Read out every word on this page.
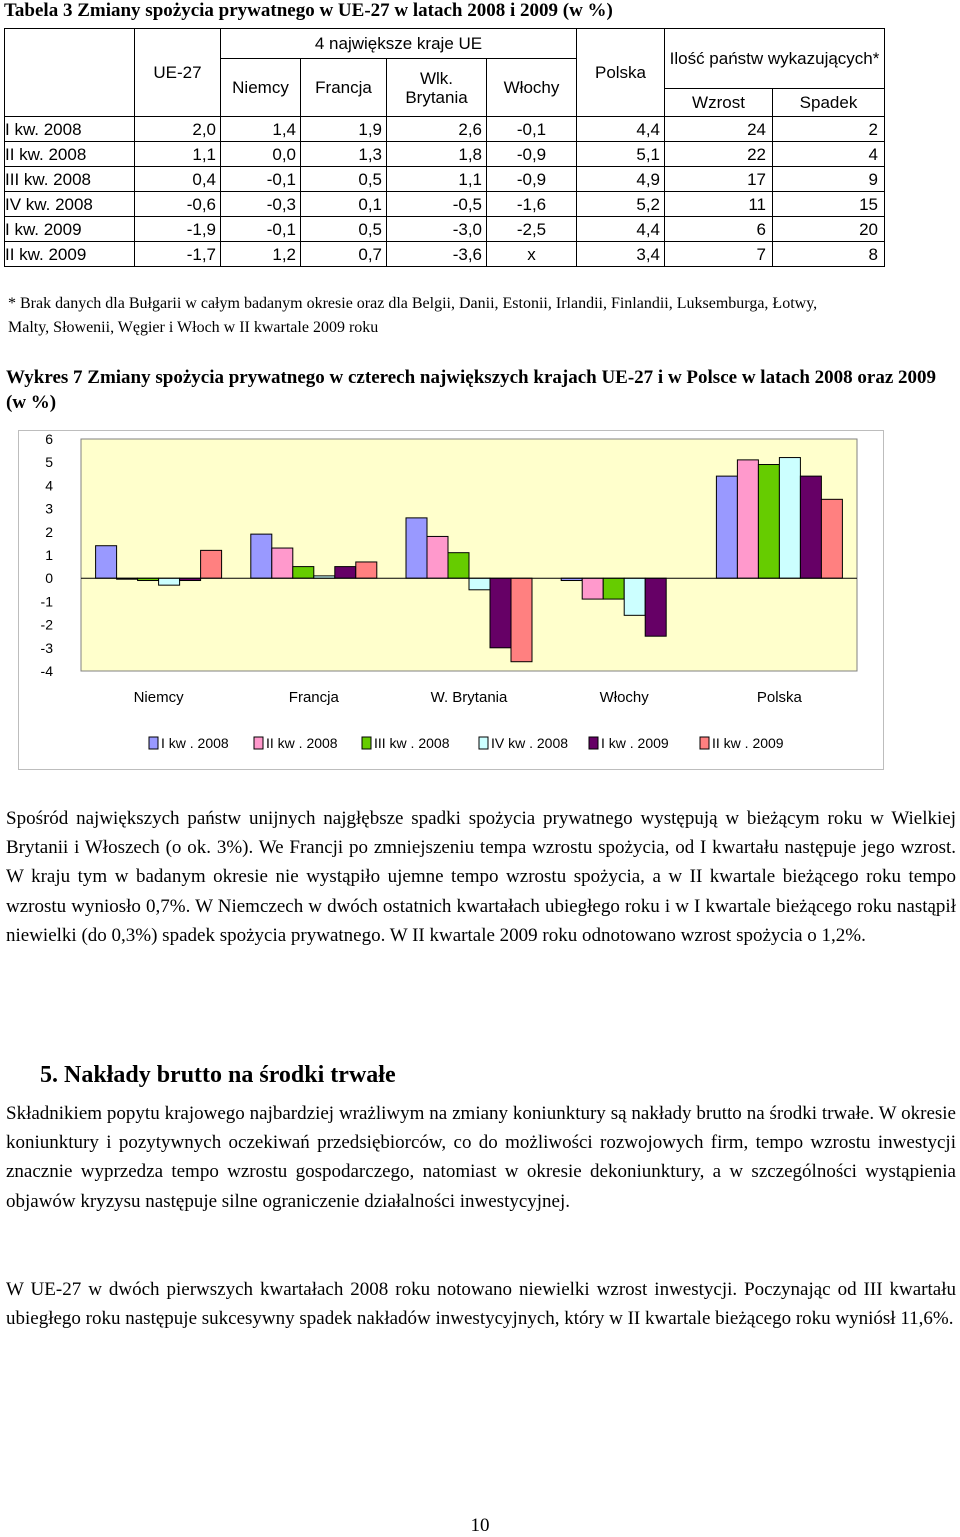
Tabela 3 Zmiany spożycia prywatnego w UE-27 w latach 2008 i 2009 (w %)
	UE-27	4 największe kraje UE				Polska	Ilość państw wykazujących*	
		Niemcy	Francja	Wlk. Brytania	Włochy			
							Wzrost	Spadek
I kw. 2008	2,0	1,4	1,9	2,6	-0,1	4,4	24	2
II kw. 2008	1,1	0,0	1,3	1,8	-0,9	5,1	22	4
III kw. 2008	0,4	-0,1	0,5	1,1	-0,9	4,9	17	9
IV kw. 2008	-0,6	-0,3	0,1	-0,5	-1,6	5,2	11	15
I kw. 2009	-1,9	-0,1	0,5	-3,0	-2,5	4,4	6	20
II kw. 2009	-1,7	1,2	0,7	-3,6	x	3,4	7	8
* Brak danych dla Bułgarii w całym badanym okresie oraz dla Belgii, Danii, Estonii, Irlandii, Finlandii, Luksemburga, Łotwy, Malty, Słowenii, Węgier i Włoch w II kwartale 2009 roku
Wykres 7 Zmiany spożycia prywatnego w czterech największych krajach UE-27 i w Polsce w latach 2008 oraz 2009 (w %)
6
5
4
3
2
1
0
-1
-2
-3
-4
Niemcy	Francja	W. Brytania	Włochy	Polska
I kw . 2008	II kw . 2008	III kw . 2008	IV kw . 2008 I kw . 2009	II kw . 2009
Spośród największych państw unijnych najgłębsze spadki spożycia prywatnego występują w bieżącym roku w Wielkiej Brytanii i Włoszech (o ok. 3%). We Francji po zmniejszeniu tempa wzrostu spożycia, od I kwartału następuje jego wzrost. W kraju tym w badanym okresie nie wystąpiło ujemne tempo wzrostu spożycia, a w II kwartale bieżącego roku tempo wzrostu wyniosło 0,7%. W Niemczech w dwóch ostatnich kwartałach ubiegłego roku i w I kwartale bieżącego roku nastąpił niewielki (do 0,3%) spadek spożycia prywatnego. W II kwartale 2009 roku odnotowano wzrost spożycia o 1,2%.
5. Nakłady brutto na środki trwałe
Składnikiem popytu krajowego najbardziej wrażliwym na zmiany koniunktury są nakłady brutto na środki trwałe. W okresie koniunktury i pozytywnych oczekiwań przedsiębiorców, co do możliwości rozwojowych firm, tempo wzrostu inwestycji znacznie wyprzedza tempo wzrostu gospodarczego, natomiast w okresie dekoniunktury, a w szczególności wystąpienia objawów kryzysu następuje silne ograniczenie działalności inwestycyjnej.
W UE-27 w dwóch pierwszych kwartałach 2008 roku notowano niewielki wzrost inwestycji. Poczynając od III kwartału ubiegłego roku następuje sukcesywny spadek nakładów inwestycyjnych, który w II kwartale bieżącego roku wyniósł 11,6%.
10
